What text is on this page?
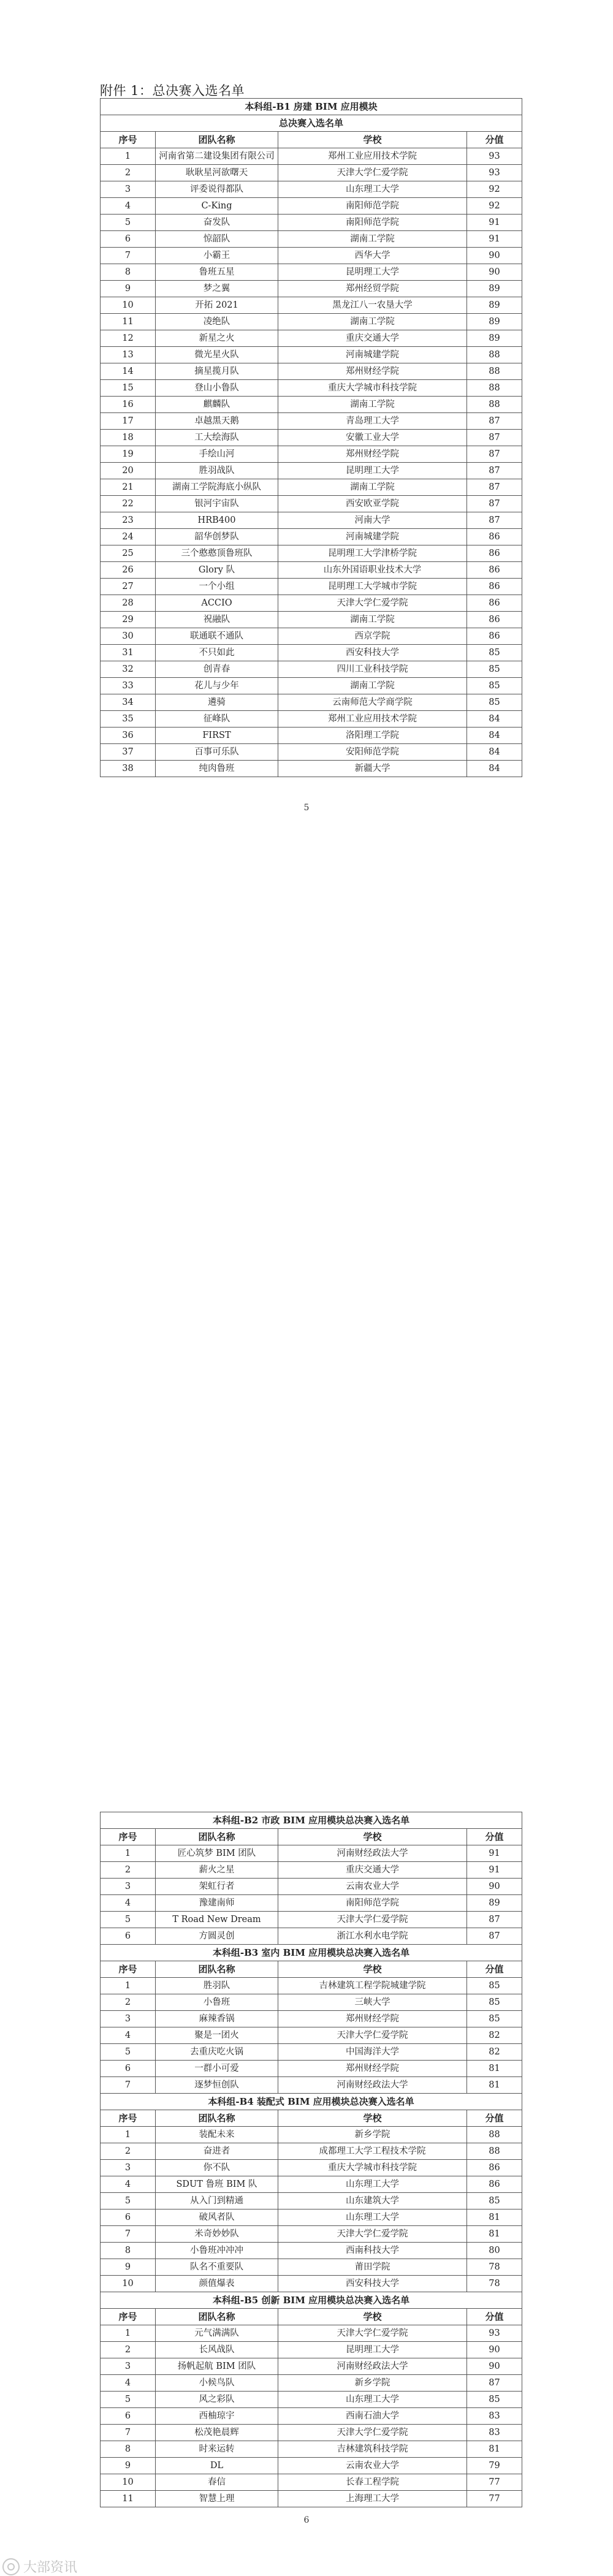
附件 1：总决赛入选名单
本科组-B1 房建 BIM 应用模块			
总决赛入选名单			
序号	团队名称	学校	分值
1	河南省第二建设集团有限公司	郑州工业应用技术学院	93
2	耿耿星河欲曙天	天津大学仁爱学院	93
3	评委说得都队	山东理工大学	92
4	C-King	南阳师范学院	92
5	奋发队	南阳师范学院	91
6	惊韶队	湖南工学院	91
7	小霸王	西华大学	90
8	鲁班五星	昆明理工大学	90
9	梦之翼	郑州经贸学院	89
10	开拓 2021	黑龙江八一农垦大学	89
11	凌绝队	湖南工学院	89
12	新星之火	重庆交通大学	89
13	微光星火队	河南城建学院	88
14	摘星揽月队	郑州财经学院	88
15	登山小鲁队	重庆大学城市科技学院	88
16	麒麟队	湖南工学院	88
17	卓越黑天鹅	青岛理工大学	87
18	工大绘海队	安徽工业大学	87
19	手绘山河	郑州财经学院	87
20	胜羽战队	昆明理工大学	87
21	湖南工学院海底小纵队	湖南工学院	87
22	银河宇宙队	西安欧亚学院	87
23	HRB400	河南大学	87
24	韶华创梦队	河南城建学院	86
25	三个憨憨顶鲁班队	昆明理工大学津桥学院	86
26	Glory 队	山东外国语职业技术大学	86
27	一个小组	昆明理工大学城市学院	86
28	ACCIO	天津大学仁爱学院	86
29	祝融队	湖南工学院	86
30	联通联不通队	西京学院	86
31	不只如此	西安科技大学	85
32	创青春	四川工业科技学院	85
33	花儿与少年	湖南工学院	85
34	遴骑	云南师范大学商学院	85
35	征峰队	郑州工业应用技术学院	84
36	FIRST	洛阳理工学院	84
37	百事可乐队	安阳师范学院	84
38	纯肉鲁班	新疆大学	84
5
本科组-B2 市政 BIM 应用模块总决赛入选名单			
序号	团队名称	学校	分值
1	匠心筑梦 BIM 团队	河南财经政法大学	91
2	薪火之星	重庆交通大学	91
3	架虹行者	云南农业大学	90
4	豫建南师	南阳师范学院	89
5	T Road New Dream	天津大学仁爱学院	87
6	方圆灵创	浙江水利水电学院	87
本科组-B3 室内 BIM 应用模块总决赛入选名单			
序号	团队名称	学校	分值
1	胜羽队	吉林建筑工程学院城建学院	85
2	小鲁班	三峡大学	85
3	麻辣香锅	郑州财经学院	85
4	聚是一团火	天津大学仁爱学院	82
5	去重庆吃火锅	中国海洋大学	82
6	一群小可爱	郑州财经学院	81
7	逐梦恒创队	河南财经政法大学	81
本科组-B4 装配式 BIM 应用模块总决赛入选名单			
序号	团队名称	学校	分值
1	装配未来	新乡学院	88
2	奋进者	成都理工大学工程技术学院	88
3	你不队	重庆大学城市科技学院	86
4	SDUT 鲁班 BIM 队	山东理工大学	86
5	从入门到精通	山东建筑大学	85
6	破风者队	山东理工大学	81
7	米奇妙妙队	天津大学仁爱学院	81
8	小鲁班冲冲冲	西南科技大学	80
9	队名不重要队	莆田学院	78
10	颜值爆表	西安科技大学	78
本科组-B5 创新 BIM 应用模块总决赛入选名单			
序号	团队名称	学校	分值
1	元气满满队	天津大学仁爱学院	93
2	长风战队	昆明理工大学	90
3	扬帆起航 BIM 团队	河南财经政法大学	90
4	小候鸟队	新乡学院	87
5	风之彩队	山东理工大学	85
6	西柚琼宇	西南石油大学	83
7	松茂艳晨辉	天津大学仁爱学院	83
8	时来运转	吉林建筑科技学院	81
9	DL	云南农业大学	79
10	春信	长春工程学院	77
11	智慧上理	上海理工大学	77
6
大部资讯
